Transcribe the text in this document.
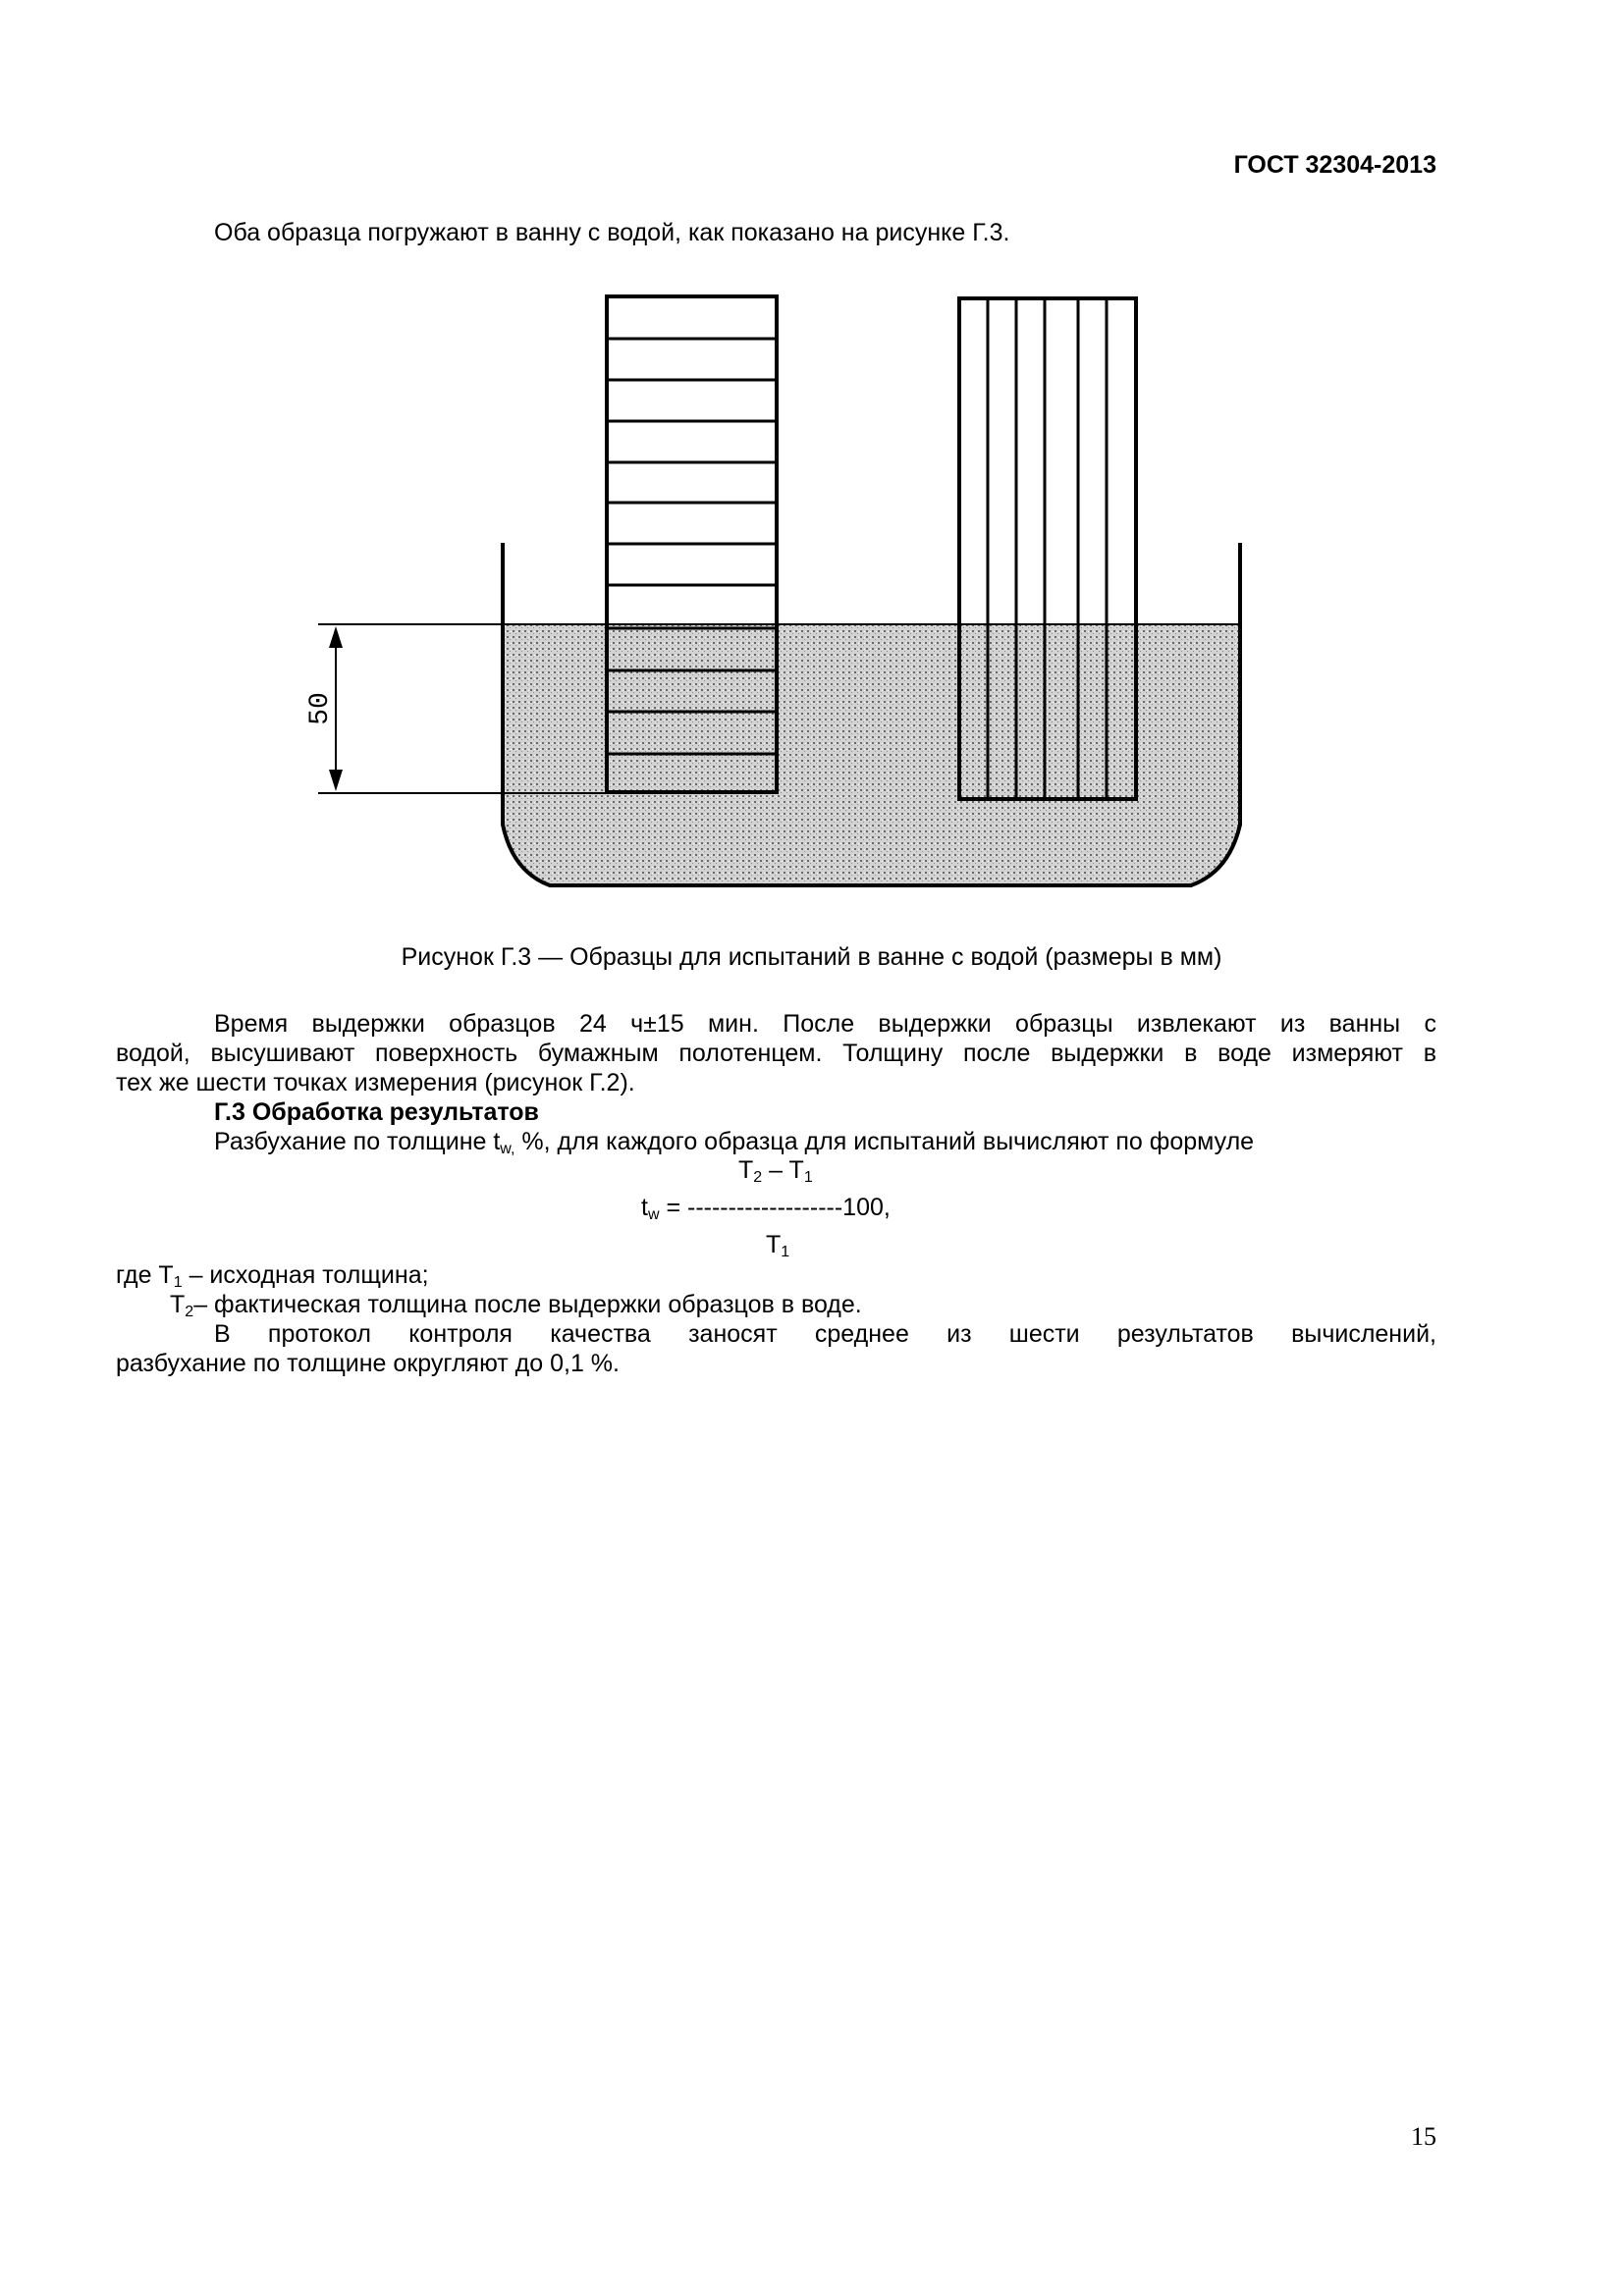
ГОСТ 32304-2013

Оба образца погружают в ванну с водой, как показано на рисунке Г.3.

50
Рисунок Г.3 — Образцы для испытаний в ванне с водой (размеры в мм)

Время выдержки образцов 24 ч±15 мин. После выдержки образцы извлекают из ванны с

водой, высушивают поверхность бумажным полотенцем. Толщину после выдержки в воде измеряют в

тех же шести точках измерения (рисунок Г.2).

Г.3 Обработка результатов

Разбухание по толщине $t_{w,}$ %, для каждого образца для испытаний вычисляют по формуле

$T_2 - T_1$
$t_w = -------------------100$,
$T_1$

где $T_1$ – исходная толщина;

$T_2-$ фактическая толщина после выдержки образцов в воде.

В протокол контроля качества заносят среднее из шести результатов вычислений,

разбухание по толщине округляют до 0,1 %.

15
